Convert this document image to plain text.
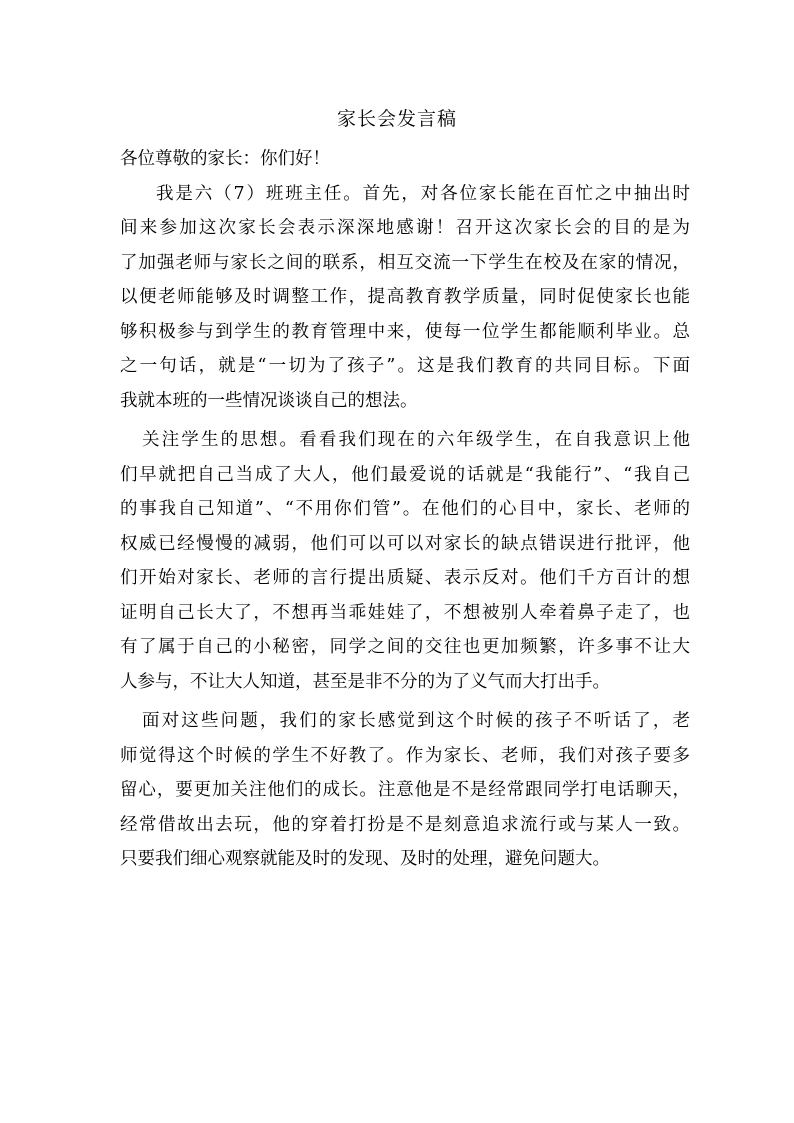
家长会发言稿
各位尊敬的家长：你们好！
我是六（7）班班主任。首先，对各位家长能在百忙之中抽出时
间来参加这次家长会表示深深地感谢！召开这次家长会的目的是为
了加强老师与家长之间的联系，相互交流一下学生在校及在家的情况，
以便老师能够及时调整工作，提高教育教学质量，同时促使家长也能
够积极参与到学生的教育管理中来，使每一位学生都能顺利毕业。总
之一句话，就是“一切为了孩子”。这是我们教育的共同目标。下面
我就本班的一些情况谈谈自己的想法。
关注学生的思想。看看我们现在的六年级学生，在自我意识上他
们早就把自己当成了大人，他们最爱说的话就是“我能行”、“我自己
的事我自己知道”、“不用你们管”。在他们的心目中，家长、老师的
权威已经慢慢的减弱，他们可以可以对家长的缺点错误进行批评，他
们开始对家长、老师的言行提出质疑、表示反对。他们千方百计的想
证明自己长大了，不想再当乖娃娃了，不想被别人牵着鼻子走了，也
有了属于自己的小秘密，同学之间的交往也更加频繁，许多事不让大
人参与，不让大人知道，甚至是非不分的为了义气而大打出手。
面对这些问题，我们的家长感觉到这个时候的孩子不听话了，老
师觉得这个时候的学生不好教了。作为家长、老师，我们对孩子要多
留心，要更加关注他们的成长。注意他是不是经常跟同学打电话聊天，
经常借故出去玩，他的穿着打扮是不是刻意追求流行或与某人一致。
只要我们细心观察就能及时的发现、及时的处理，避免问题大。
